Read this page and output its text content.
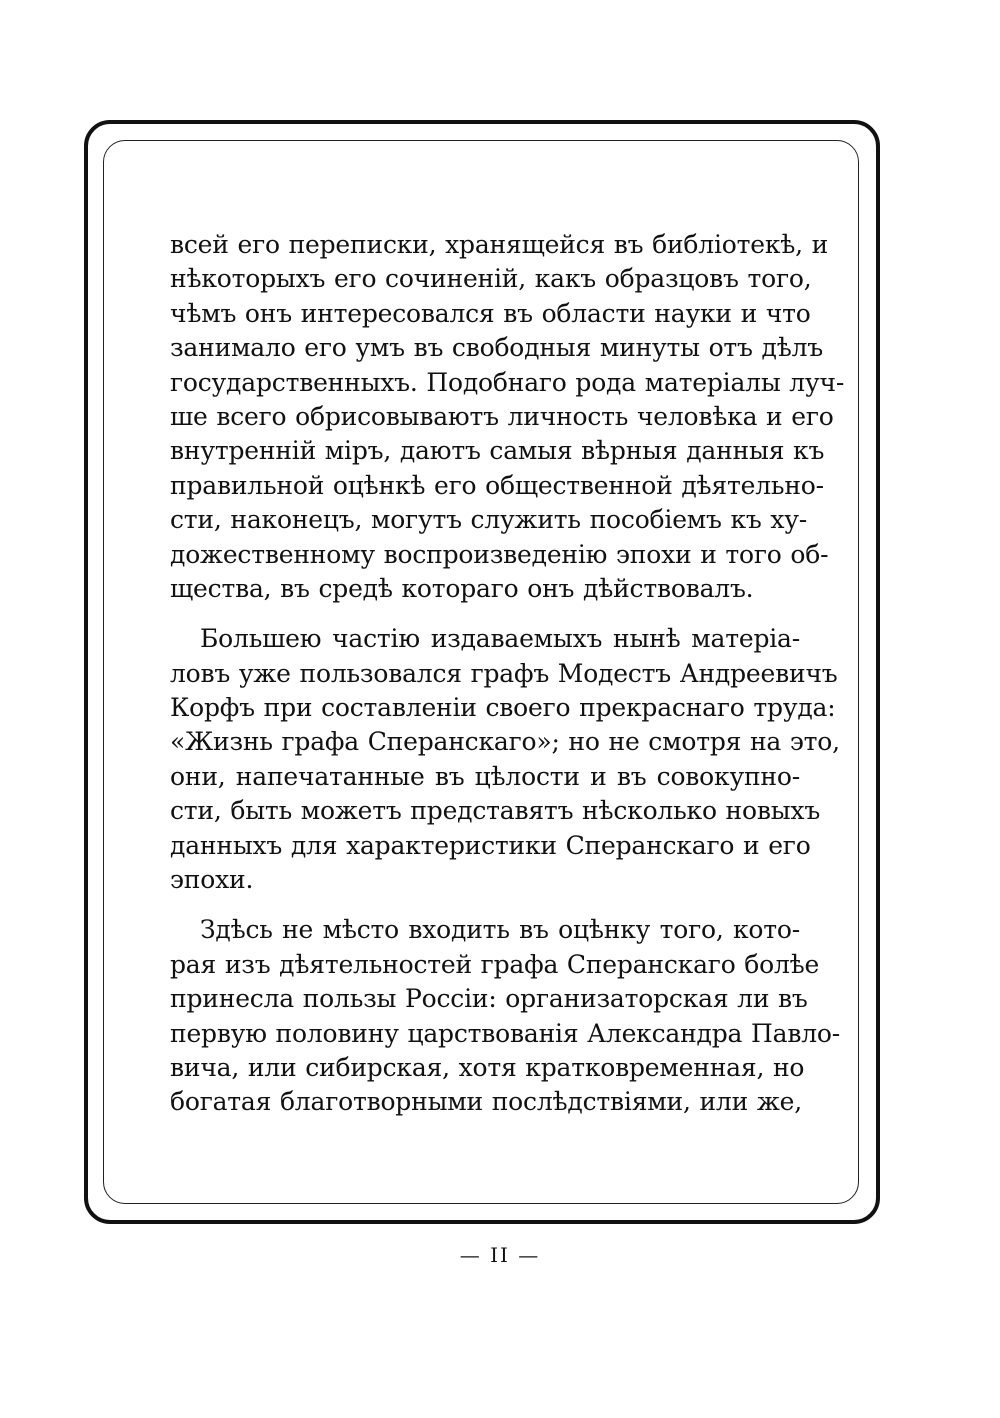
всей его переписки, хранящейся въ библіотекѣ, и
нѣкоторыхъ его сочиненій, какъ образцовъ того,
чѣмъ онъ интересовался въ области науки и что
занимало его умъ въ свободныя минуты отъ дѣлъ
государственныхъ. Подобнаго рода матеріалы луч-
ше всего обрисовываютъ личность человѣка и его
внутренній міръ, даютъ самыя вѣрныя данныя къ
правильной оцѣнкѣ его общественной дѣятельно-
сти, наконецъ, могутъ служить пособіемъ къ ху-
дожественному воспроизведенію эпохи и того об-
щества, въ средѣ котораго онъ дѣйствовалъ.
Большею частію издаваемыхъ нынѣ матеріа-
ловъ уже пользовался графъ Модестъ Андреевичъ
Корфъ при составленіи своего прекраснаго труда:
«Жизнь графа Сперанскаго»; но не смотря на это,
они, напечатанные въ цѣлости и въ совокупно-
сти, быть можетъ представятъ нѣсколько новыхъ
данныхъ для характеристики Сперанскаго и его
эпохи.
Здѣсь не мѣсто входить въ оцѣнку того, кото-
рая изъ дѣятельностей графа Сперанскаго болѣе
принесла пользы Россіи: организаторская ли въ
первую половину царствованія Александра Павло-
вича, или сибирская, хотя кратковременная, но
богатая благотворными послѣдствіями, или же,
— II —
